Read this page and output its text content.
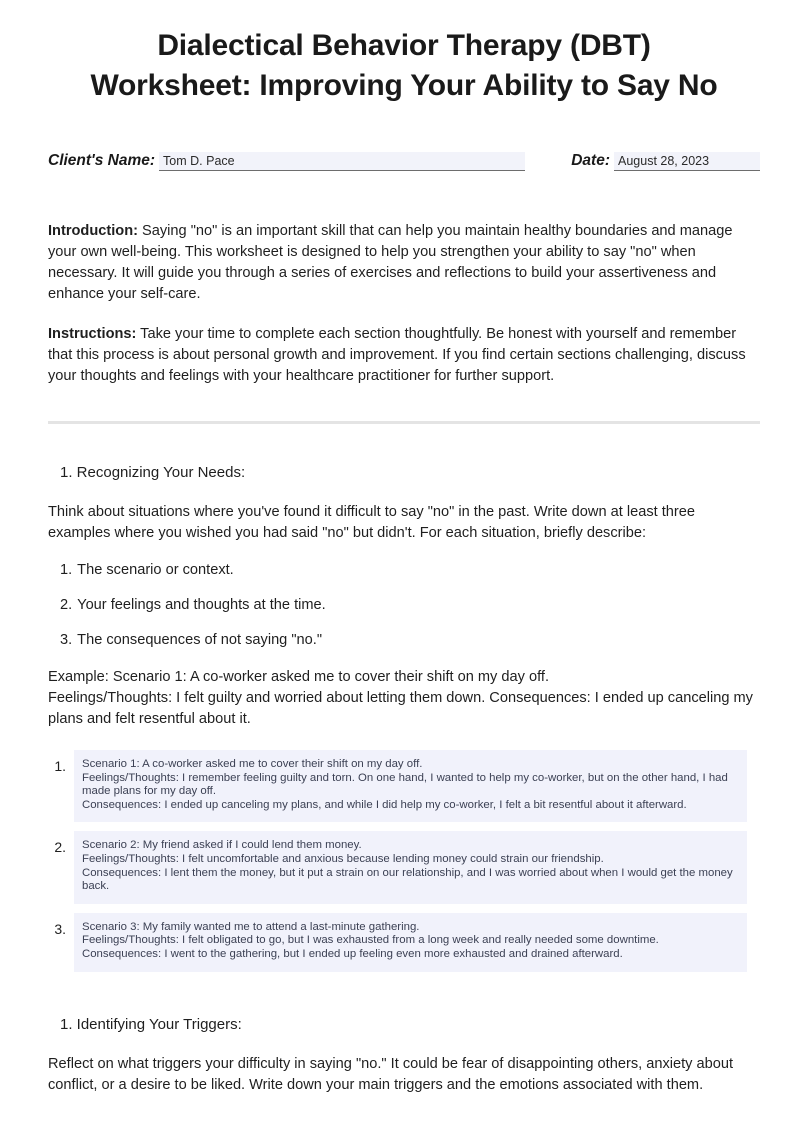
Dialectical Behavior Therapy (DBT)
Worksheet: Improving Your Ability to Say No
Client's Name: Tom D. Pace	Date: August 28, 2023

Introduction: Saying "no" is an important skill that can help you maintain healthy boundaries and manage your own well-being. This worksheet is designed to help you strengthen your ability to say "no" when necessary. It will guide you through a series of exercises and reflections to build your assertiveness and enhance your self-care.

Instructions: Take your time to complete each section thoughtfully. Be honest with yourself and remember that this process is about personal growth and improvement. If you find certain sections challenging, discuss your thoughts and feelings with your healthcare practitioner for further support.

1. Recognizing Your Needs:

Think about situations where you've found it difficult to say "no" in the past. Write down at least three examples where you wished you had said "no" but didn't. For each situation, briefly describe:

1. The scenario or context.
2. Your feelings and thoughts at the time.
3. The consequences of not saying "no."

Example: Scenario 1: A co-worker asked me to cover their shift on my day off.
Feelings/Thoughts: I felt guilty and worried about letting them down. Consequences: I ended up canceling my plans and felt resentful about it.

1.	Scenario 1: A co-worker asked me to cover their shift on my day off.
Feelings/Thoughts: I remember feeling guilty and torn. On one hand, I wanted to help my co-worker, but on the other hand, I had made plans for my day off.
Consequences: I ended up canceling my plans, and while I did help my co-worker, I felt a bit resentful about it afterward.
2.	Scenario 2: My friend asked if I could lend them money.
Feelings/Thoughts: I felt uncomfortable and anxious because lending money could strain our friendship.
Consequences: I lent them the money, but it put a strain on our relationship, and I was worried about when I would get the money back.
3.	Scenario 3: My family wanted me to attend a last-minute gathering.
Feelings/Thoughts: I felt obligated to go, but I was exhausted from a long week and really needed some downtime.
Consequences: I went to the gathering, but I ended up feeling even more exhausted and drained afterward.

1. Identifying Your Triggers:

Reflect on what triggers your difficulty in saying "no." It could be fear of disappointing others, anxiety about conflict, or a desire to be liked. Write down your main triggers and the emotions associated with them.
